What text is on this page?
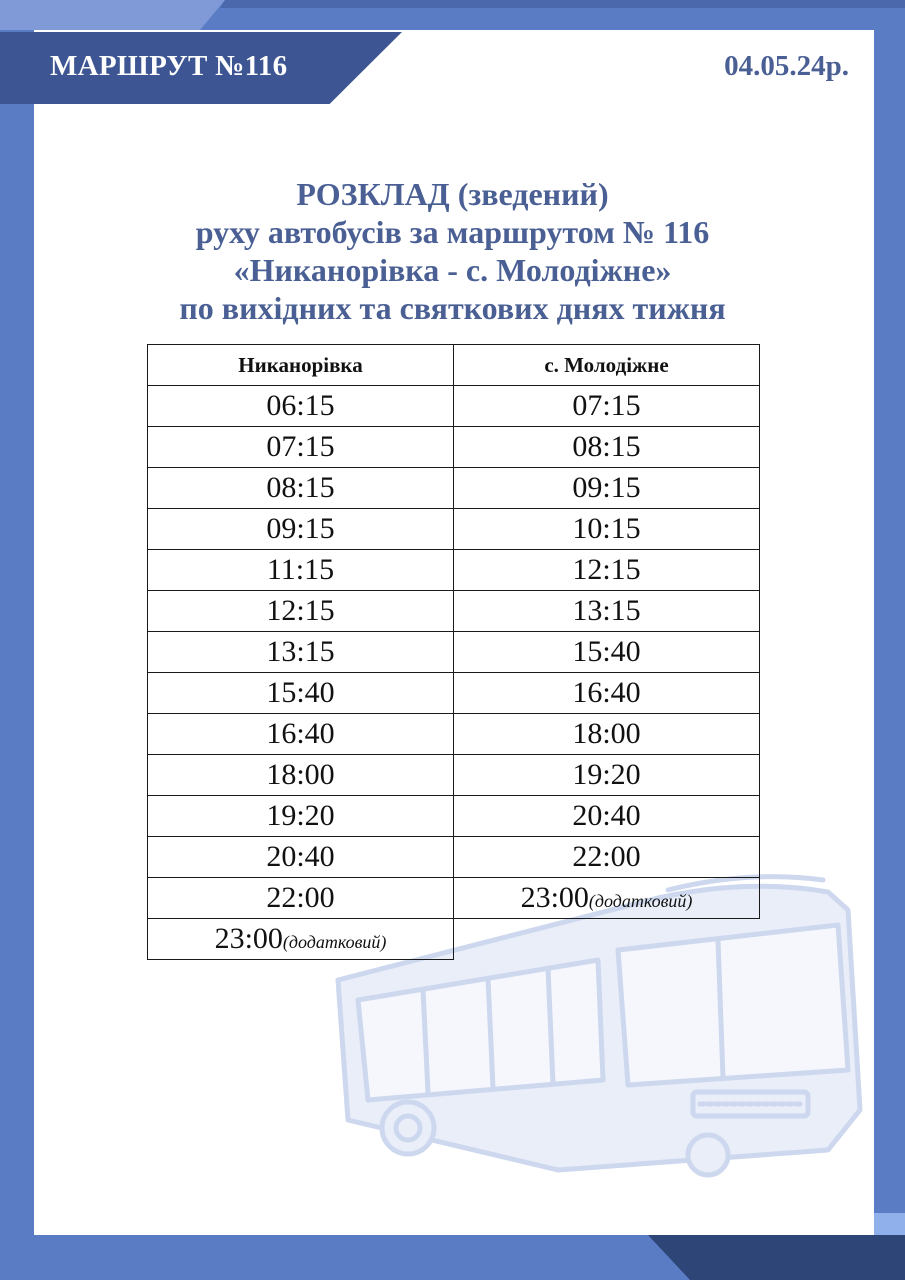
МАРШРУТ №116	04.05.24р.
РОЗКЛАД (зведений)
руху автобусів за маршрутом № 116
«Никанорівка - с. Молодіжне»
по вихідних та святкових днях тижня
Никанорівка	с. Молодіжне
06:15	07:15
07:15	08:15
08:15	09:15
09:15	10:15
11:15	12:15
12:15	13:15
13:15	15:40
15:40	16:40
16:40	18:00
18:00	19:20
19:20	20:40
20:40	22:00
22:00	23:00(додатковий)
23:00(додатковий)	
